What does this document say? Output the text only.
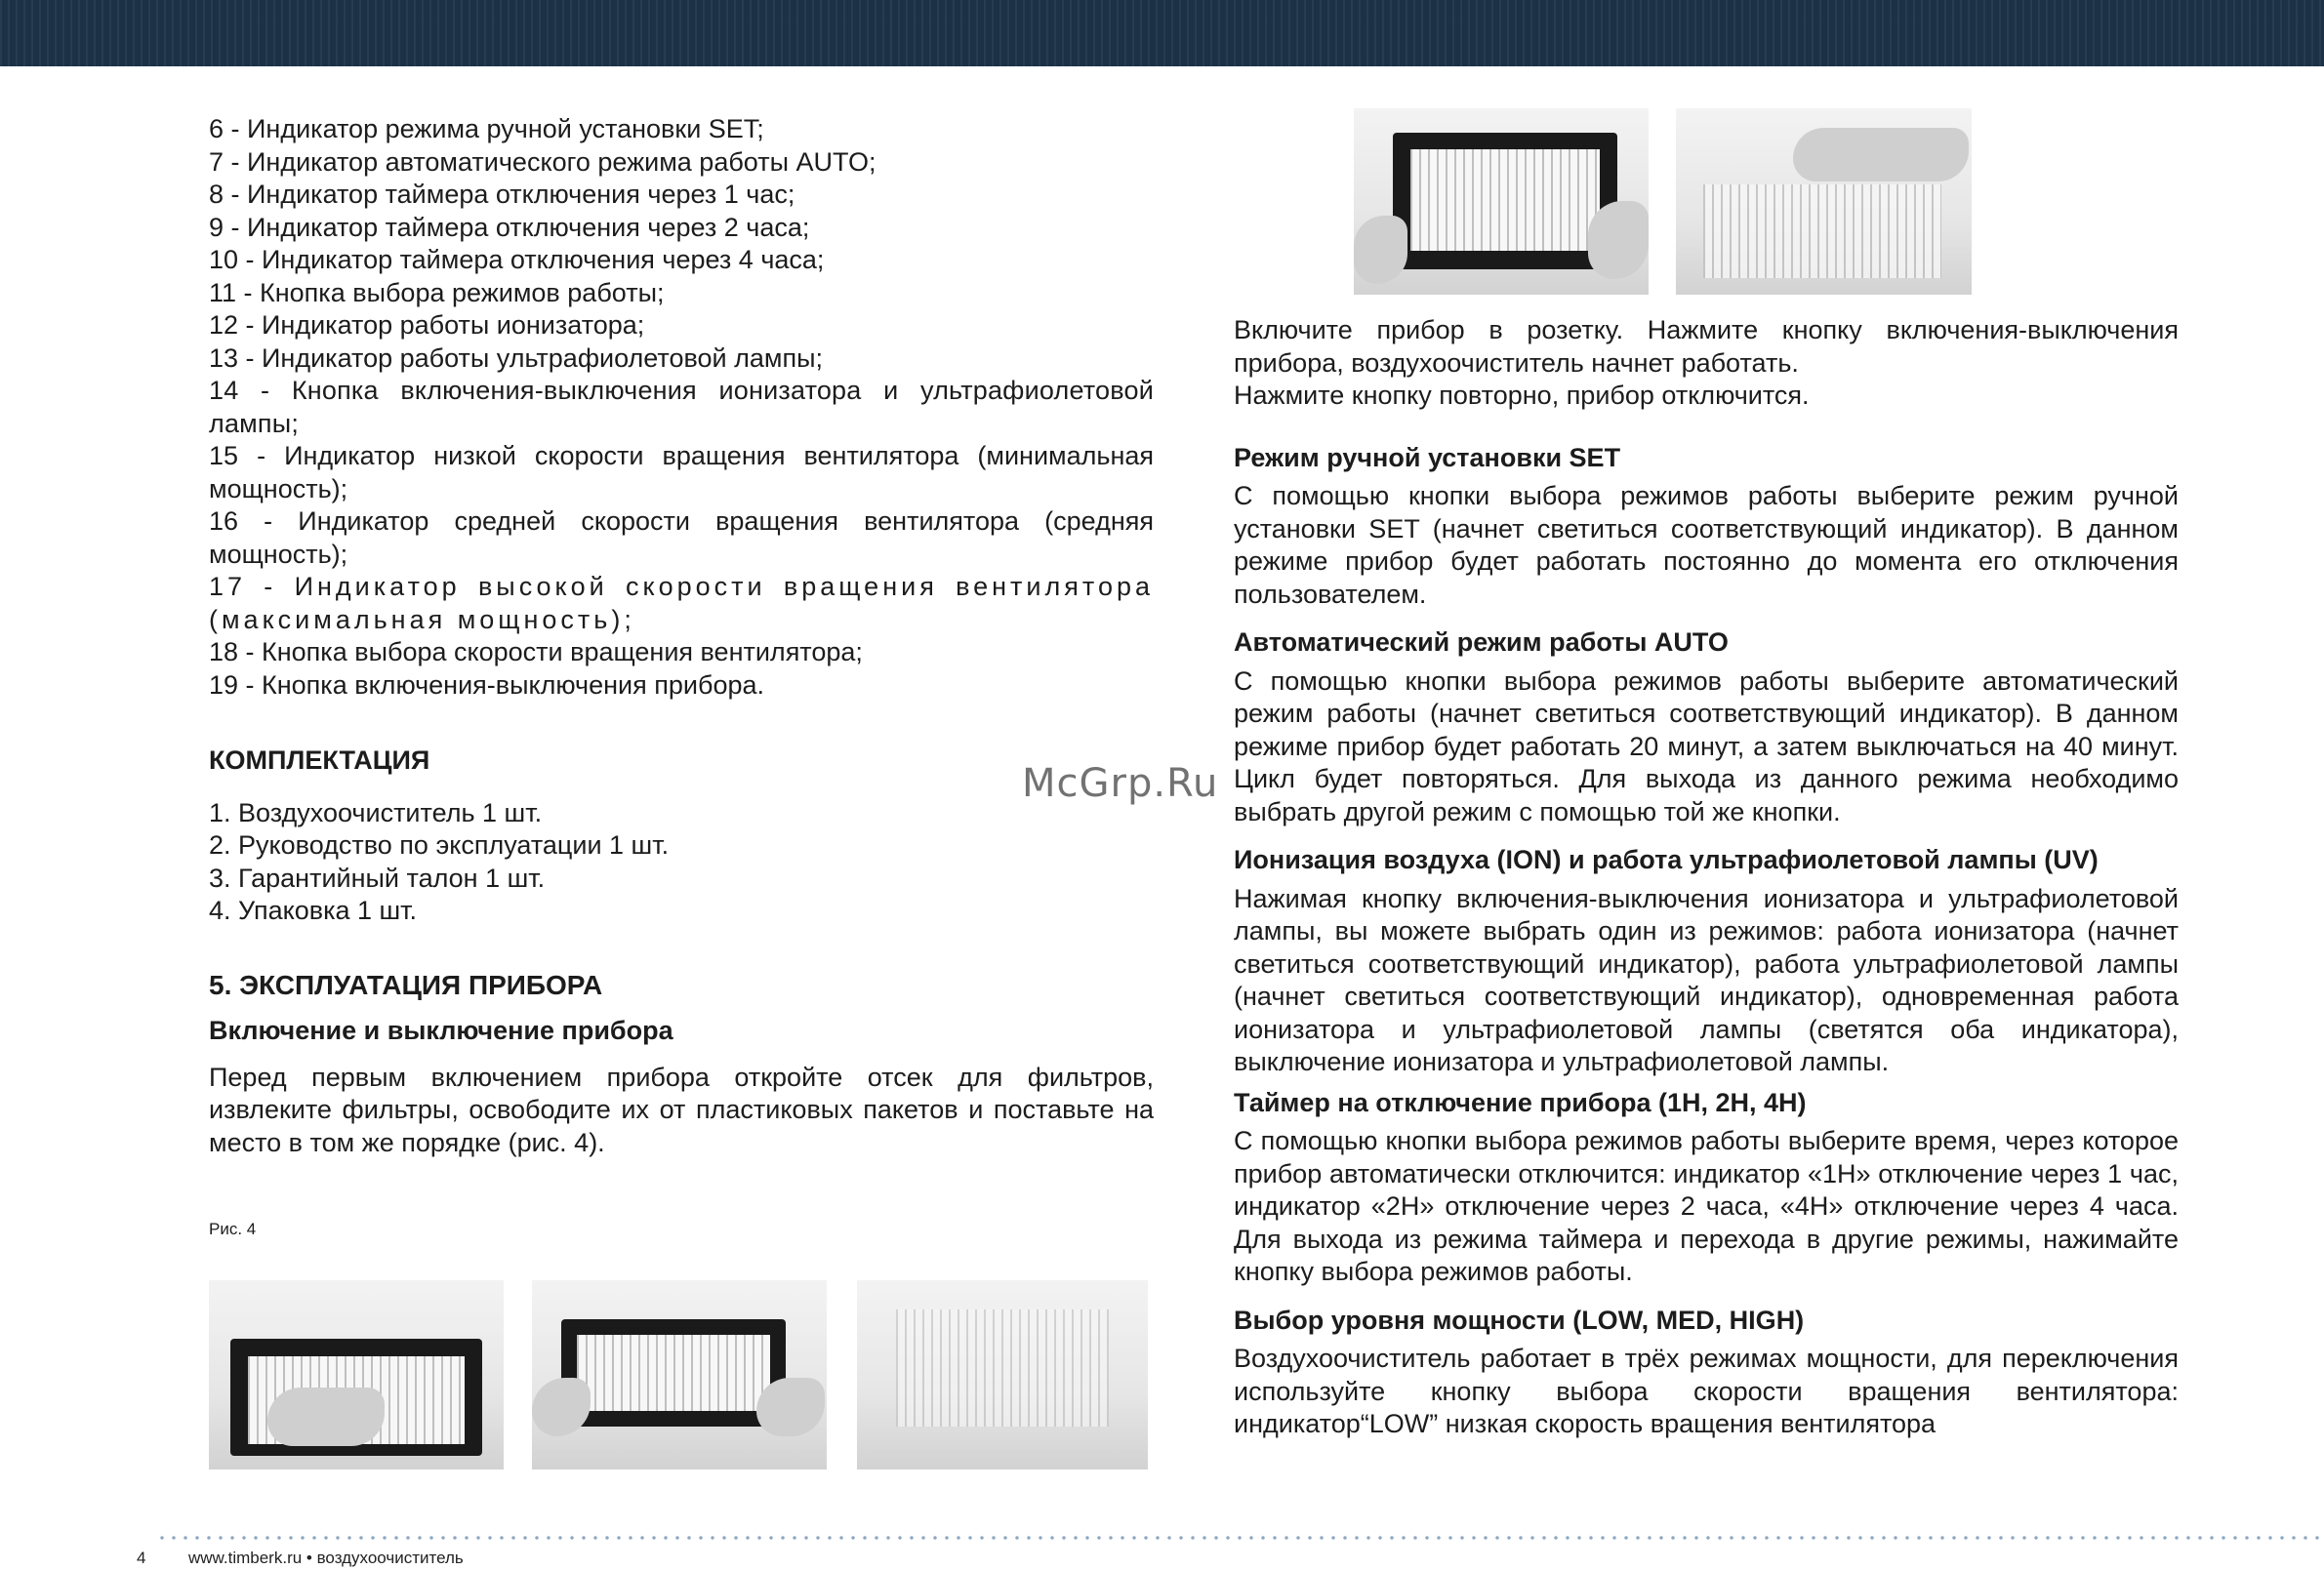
6 - Индикатор режима ручной установки SET;

7 - Индикатор автоматического режима работы AUTO;

8 - Индикатор таймера отключения через 1 час;

9 - Индикатор таймера отключения через 2 часа;

10 - Индикатор таймера отключения через 4 часа;

11 - Кнопка выбора режимов работы;

12 - Индикатор работы ионизатора;

13 - Индикатор работы ультрафиолетовой лампы;

14 - Кнопка включения-выключения ионизатора и ультрафиолетовой лампы;

15 - Индикатор низкой скорости вращения вентилятора (минимальная мощность);

16 - Индикатор средней скорости вращения вентилятора (средняя мощность);

17 - Индикатор высокой скорости вращения вентилятора (максимальная мощность);

18 - Кнопка выбора скорости вращения вентилятора;

19 - Кнопка включения-выключения прибора.

КОМПЛЕКТАЦИЯ

1. Воздухоочиститель 1 шт.

2. Руководство по эксплуатации 1 шт.

3. Гарантийный талон 1 шт.

4. Упаковка 1 шт.

5. ЭКСПЛУАТАЦИЯ ПРИБОРА

Включение и выключение прибора

Перед первым включением прибора откройте отсек для фильтров, извлеките фильтры, освободите их от пластиковых пакетов и поставьте на место в том же порядке (рис. 4).

Рис. 4
McGrp.Ru

Включите прибор в розетку. Нажмите кнопку включения-выключения прибора, воздухоочиститель начнет работать.

Нажмите кнопку повторно, прибор отключится.

Режим ручной установки SET

С помощью кнопки выбора режимов работы выберите режим ручной установки SET (начнет светиться соответствующий индикатор). В данном режиме прибор будет работать постоянно до момента его отключения пользователем.

Автоматический режим работы AUTO

С помощью кнопки выбора режимов работы выберите автоматический режим работы (начнет светиться соответствующий индикатор). В данном режиме прибор будет работать 20 минут, а затем выключаться на 40 минут. Цикл будет повторяться. Для выхода из данного режима необходимо выбрать другой режим с помощью той же кнопки.

Ионизация воздуха (ION) и работа ультрафиолетовой лампы (UV)

Нажимая кнопку включения-выключения ионизатора и ультрафиолетовой лампы, вы можете выбрать один из режимов: работа ионизатора (начнет светиться соответствующий индикатор), работа ультрафиолетовой лампы (начнет светиться соответствующий индикатор), одновременная работа ионизатора и ультрафиолетовой лампы (светятся оба индикатора), выключение ионизатора и ультрафиолетовой лампы.

Таймер на отключение прибора (1H, 2H, 4H)

С помощью кнопки выбора режимов работы выберите время, через которое прибор автоматически отключится: индикатор «1H» отключение через 1 час, индикатор «2H» отключение через 2 часа, «4H» отключение через 4 часа. Для выхода из режима таймера и перехода в другие режимы, нажимайте кнопку выбора режимов работы.

Выбор уровня мощности (LOW, MED, HIGH)

Воздухоочиститель работает в трёх режимах мощности, для переключения используйте кнопку выбора скорости вращения вентилятора: индикатор“LOW” низкая скорость вращения вентилятора

4	www.timberk.ru • воздухоочиститель
